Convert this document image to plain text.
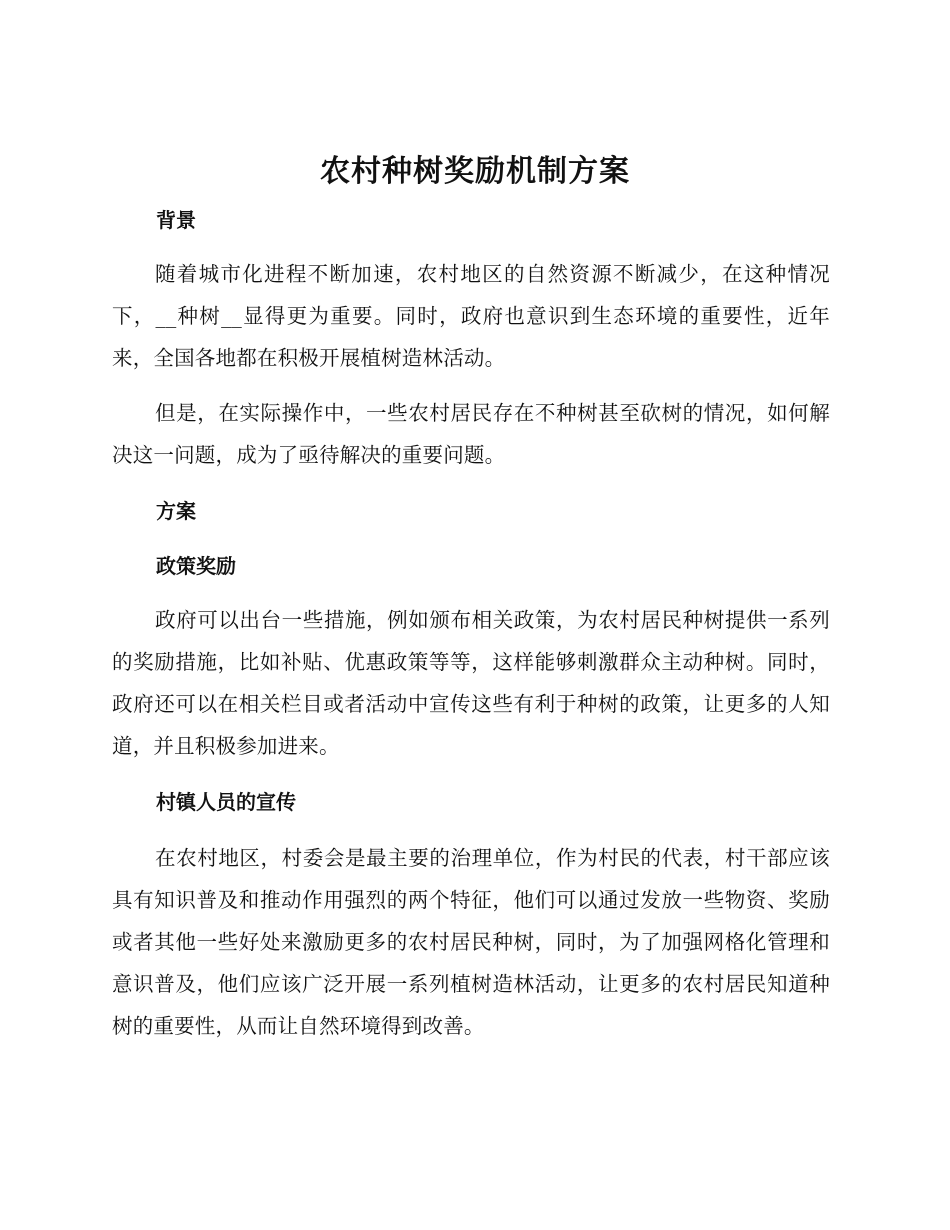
农村种树奖励机制方案
背景

随着城市化进程不断加速，农村地区的自然资源不断减少，在这种情况下，__种树__显得更为重要。同时，政府也意识到生态环境的重要性，近年来，全国各地都在积极开展植树造林活动。

但是，在实际操作中，一些农村居民存在不种树甚至砍树的情况，如何解决这一问题，成为了亟待解决的重要问题。

方案
政策奖励

政府可以出台一些措施，例如颁布相关政策，为农村居民种树提供一系列的奖励措施，比如补贴、优惠政策等等，这样能够刺激群众主动种树。同时，政府还可以在相关栏目或者活动中宣传这些有利于种树的政策，让更多的人知道，并且积极参加进来。

村镇人员的宣传

在农村地区，村委会是最主要的治理单位，作为村民的代表，村干部应该具有知识普及和推动作用强烈的两个特征，他们可以通过发放一些物资、奖励或者其他一些好处来激励更多的农村居民种树，同时，为了加强网格化管理和意识普及，他们应该广泛开展一系列植树造林活动，让更多的农村居民知道种树的重要性，从而让自然环境得到改善。
